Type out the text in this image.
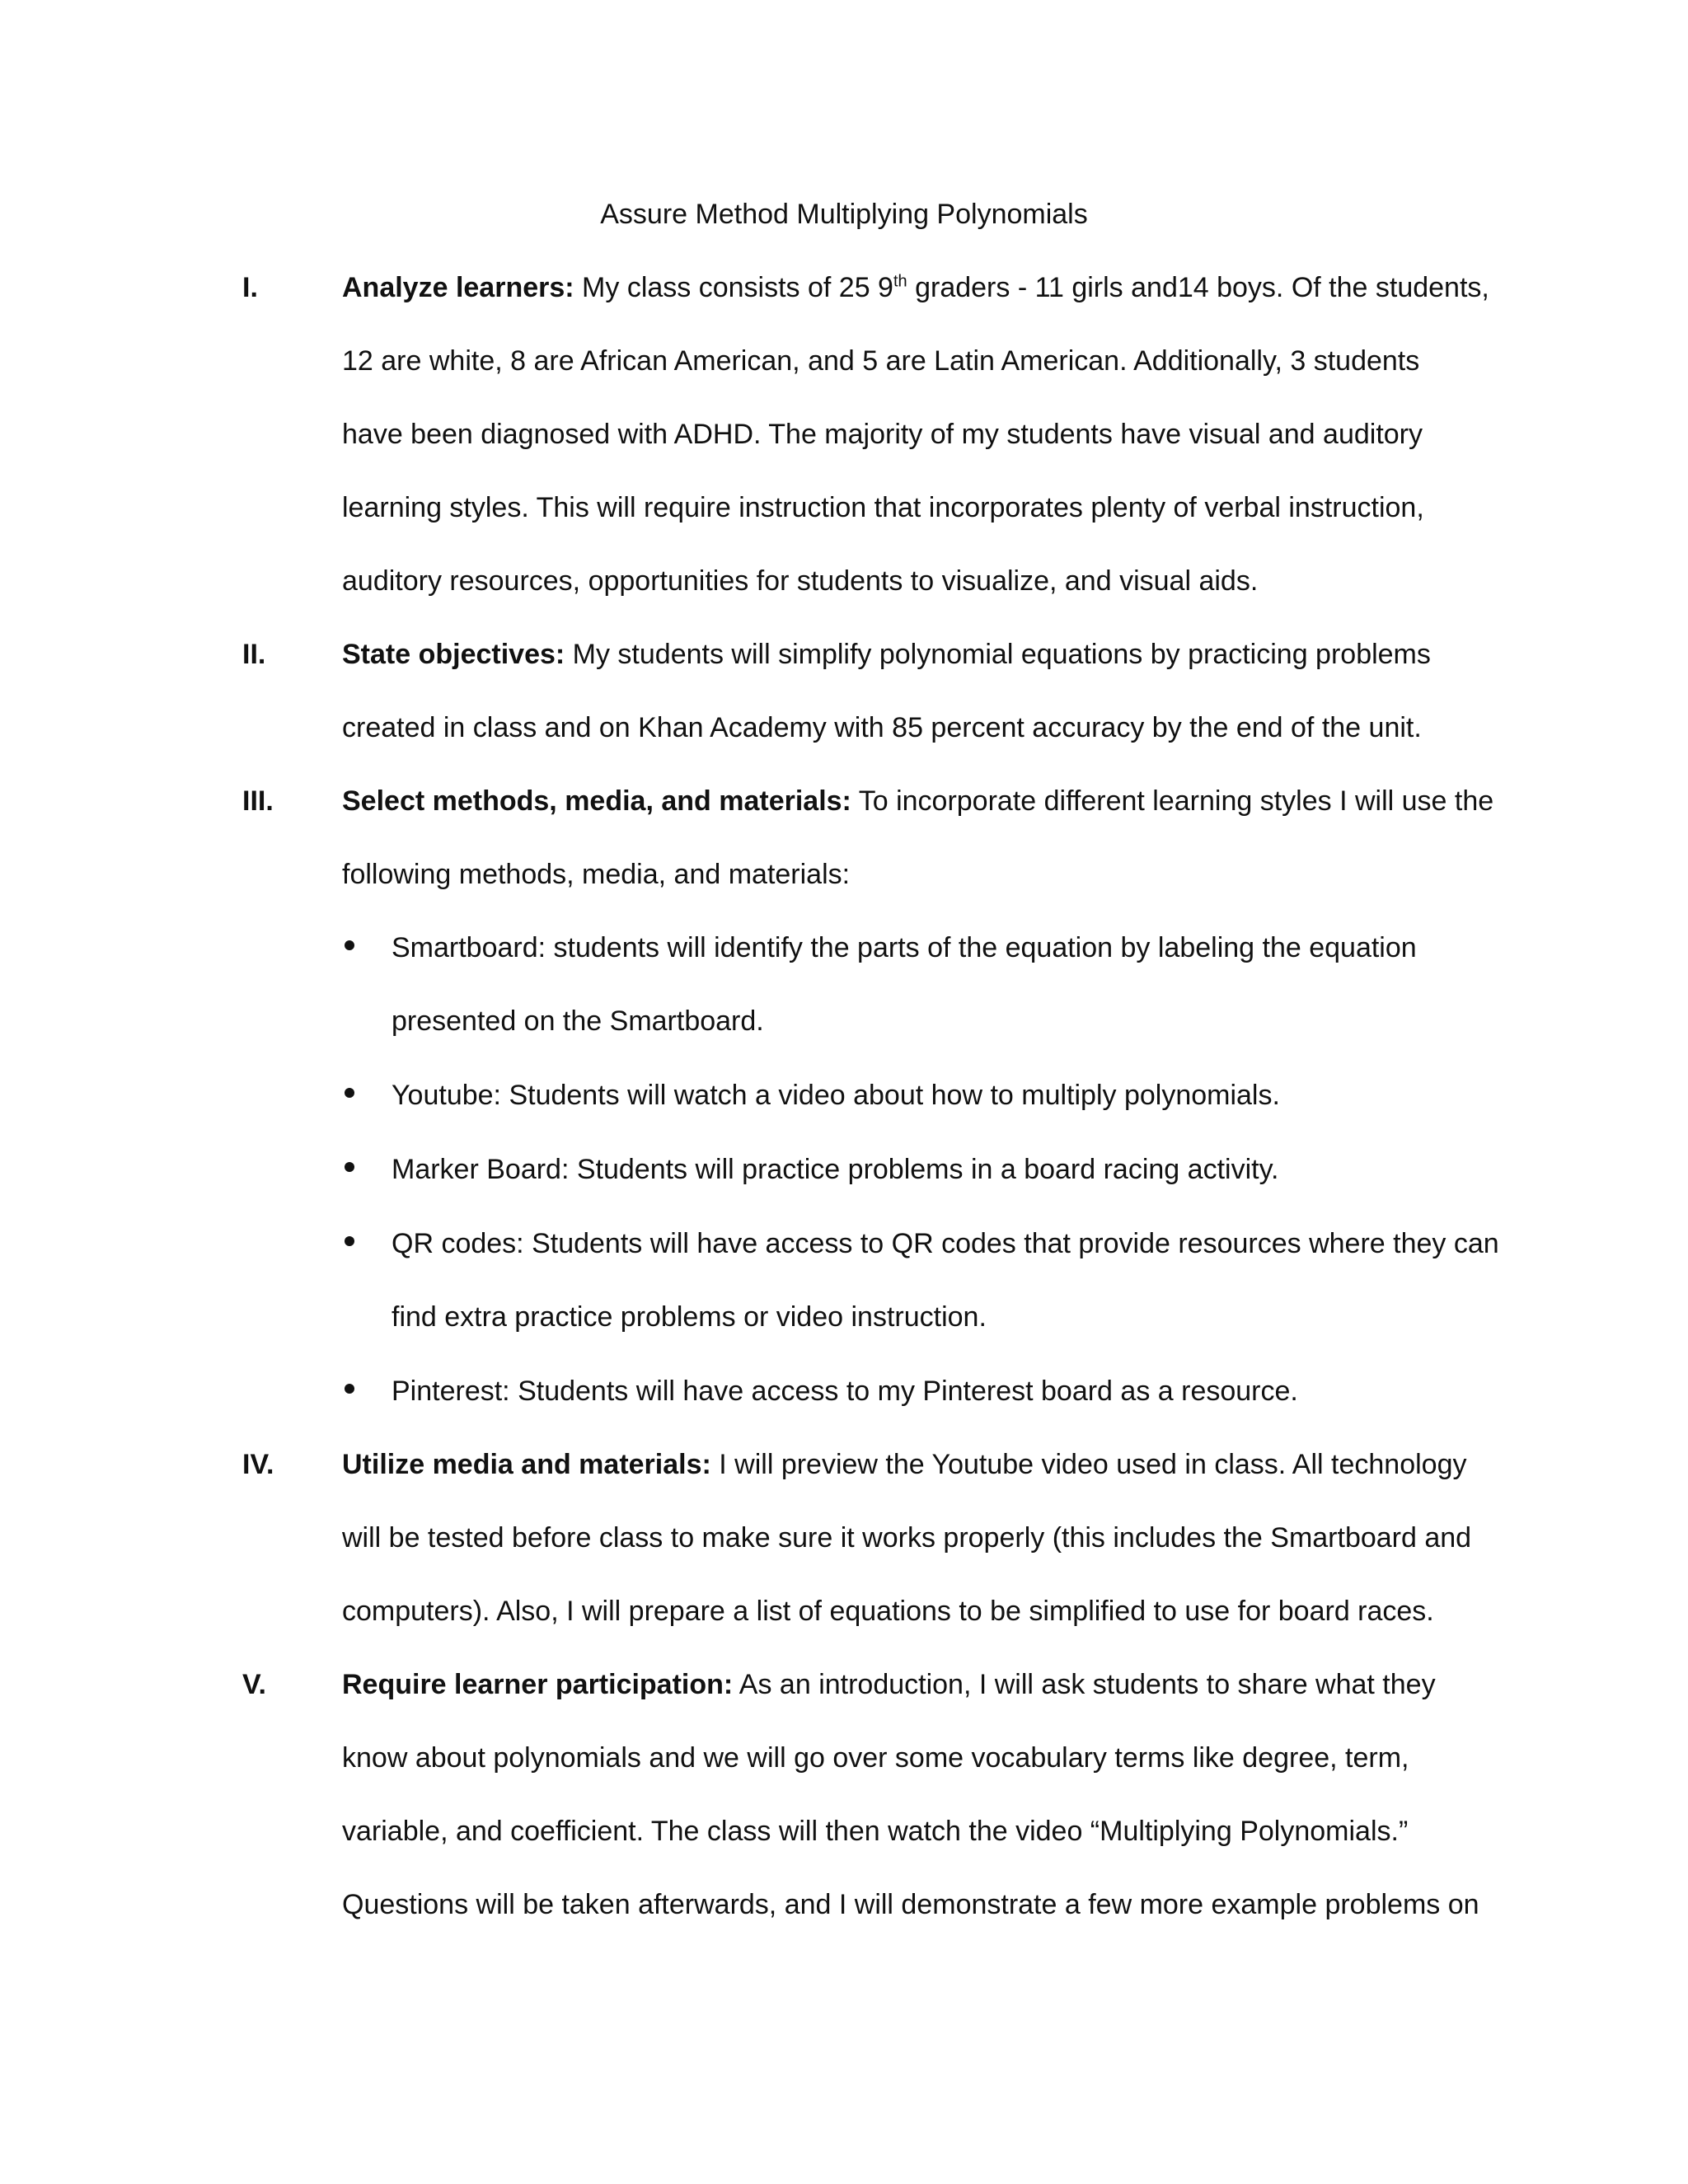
Assure Method Multiplying Polynomials
I.	Analyze learners: My class consists of 25 9th graders - 11 girls and14 boys. Of the students,
12 are white, 8 are African American, and 5 are Latin American. Additionally, 3 students
have been diagnosed with ADHD. The majority of my students have visual and auditory
learning styles. This will require instruction that incorporates plenty of verbal instruction,
auditory resources, opportunities for students to visualize, and visual aids.
II.	State objectives: My students will simplify polynomial equations by practicing problems
created in class and on Khan Academy with 85 percent accuracy by the end of the unit.
III. Select methods, media, and materials: To incorporate different learning styles I will use the
following methods, media, and materials:
Smartboard: students will identify the parts of the equation by labeling the equation
presented on the Smartboard.
Youtube: Students will watch a video about how to multiply polynomials.
Marker Board: Students will practice problems in a board racing activity.
QR codes: Students will have access to QR codes that provide resources where they can
find extra practice problems or video instruction.
Pinterest: Students will have access to my Pinterest board as a resource.
IV. Utilize media and materials: I will preview the Youtube video used in class. All technology
will be tested before class to make sure it works properly (this includes the Smartboard and
computers). Also, I will prepare a list of equations to be simplified to use for board races.
V.	Require learner participation: As an introduction, I will ask students to share what they
know about polynomials and we will go over some vocabulary terms like degree, term,
variable, and coefficient. The class will then watch the video “Multiplying Polynomials.”
Questions will be taken afterwards, and I will demonstrate a few more example problems on
